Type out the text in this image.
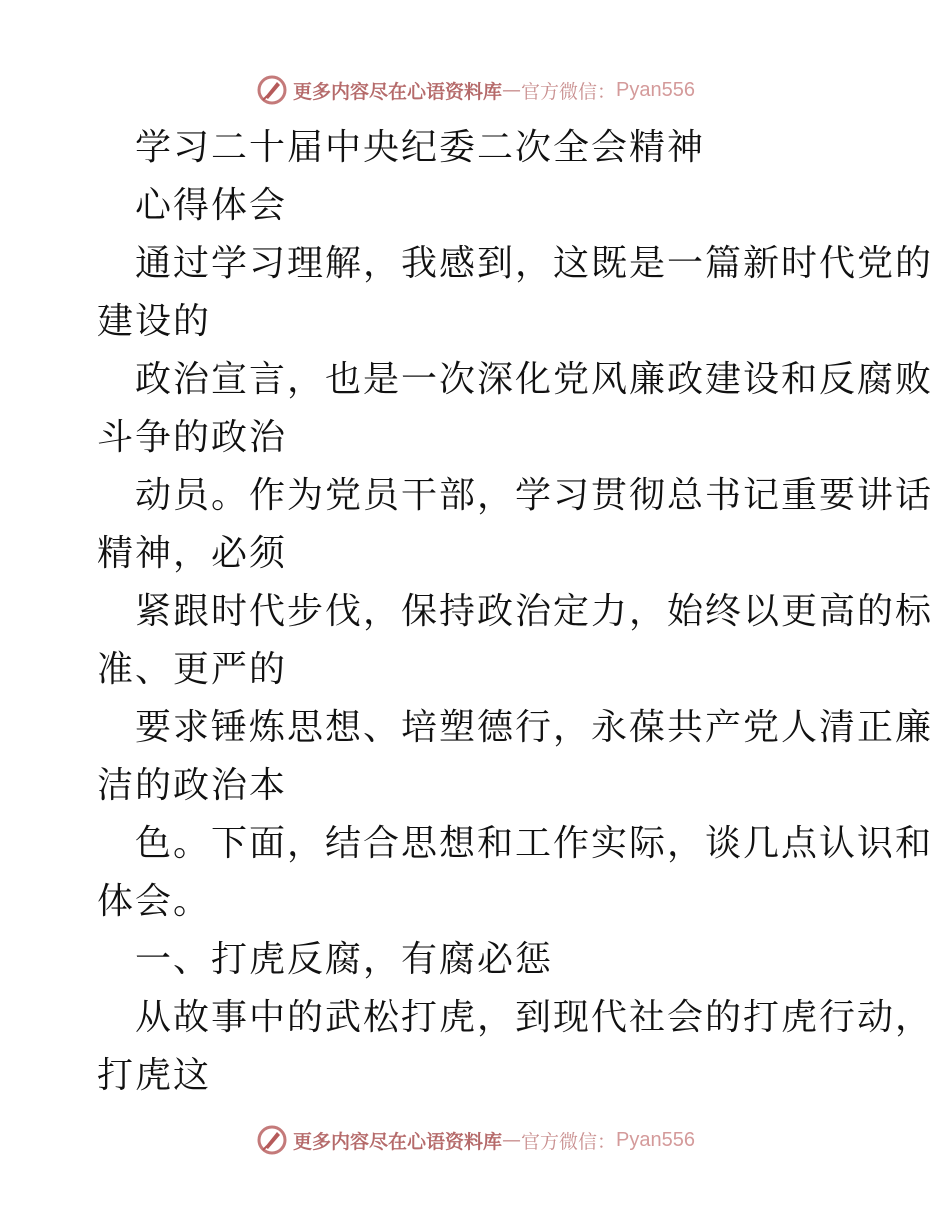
更多内容尽在心语资料库 — 官方微信： Pyan556
学习二十届中央纪委二次全会精神
心得体会
通过学习理解，我感到，这既是一篇新时代党的
建设的
政治宣言，也是一次深化党风廉政建设和反腐败
斗争的政治
动员。作为党员干部，学习贯彻总书记重要讲话
精神，必须
紧跟时代步伐，保持政治定力，始终以更高的标
准、更严的
要求锤炼思想、培塑德行，永葆共产党人清正廉
洁的政治本
色。下面，结合思想和工作实际，谈几点认识和
体会。
一、打虎反腐，有腐必惩
从故事中的武松打虎，到现代社会的打虎行动，
打虎这
更多内容尽在心语资料库 — 官方微信： Pyan556
